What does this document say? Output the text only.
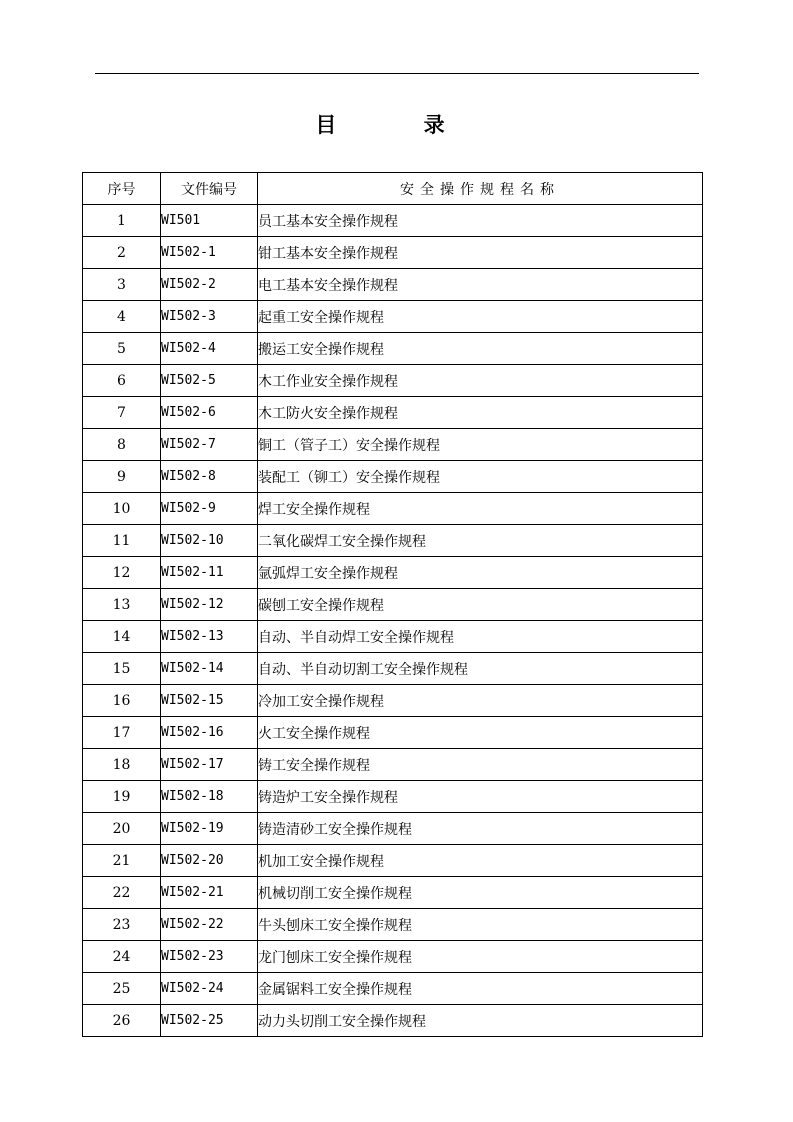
目 录
序号	文件编号	安全操作规程名称
1	WI501	员工基本安全操作规程
2	WI502-1	钳工基本安全操作规程
3	WI502-2	电工基本安全操作规程
4	WI502-3	起重工安全操作规程
5	WI502-4	搬运工安全操作规程
6	WI502-5	木工作业安全操作规程
7	WI502-6	木工防火安全操作规程
8	WI502-7	铜工（管子工）安全操作规程
9	WI502-8	装配工（铆工）安全操作规程
10	WI502-9	焊工安全操作规程
11	WI502-10	二氧化碳焊工安全操作规程
12	WI502-11	氩弧焊工安全操作规程
13	WI502-12	碳刨工安全操作规程
14	WI502-13	自动、半自动焊工安全操作规程
15	WI502-14	自动、半自动切割工安全操作规程
16	WI502-15	冷加工安全操作规程
17	WI502-16	火工安全操作规程
18	WI502-17	铸工安全操作规程
19	WI502-18	铸造炉工安全操作规程
20	WI502-19	铸造清砂工安全操作规程
21	WI502-20	机加工安全操作规程
22	WI502-21	机械切削工安全操作规程
23	WI502-22	牛头刨床工安全操作规程
24	WI502-23	龙门刨床工安全操作规程
25	WI502-24	金属锯料工安全操作规程
26	WI502-25	动力头切削工安全操作规程
